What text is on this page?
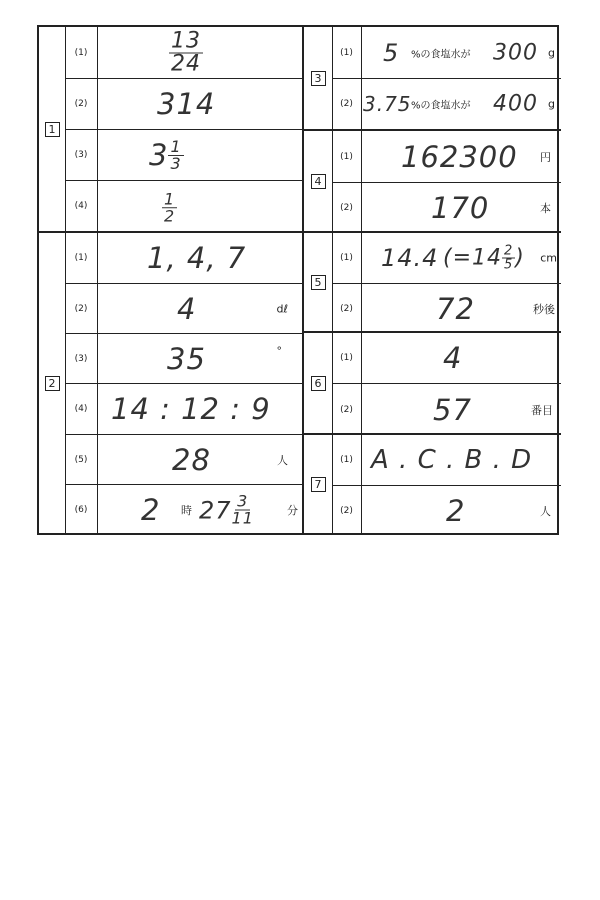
1
(1)	$\frac{13}{24}$
(2)	314
(3)	$3 \frac{1}{3}$
(4)	$\frac{1}{2}$
2
(1)	1, 4, 7
(2)	4	dℓ
(3)	35	°
(4) 14 : 12 : 9
(5)	28	人
(6)	2 時 $27 \frac{3}{11}$	分
3
(1)	5 %の食塩水が 300 g
(2) 3.75 %の食塩水が 400 g
4
(1)	162300 円
(2)	170	本
5
(1)	14.4 ($=14 \frac{2}{5}$ ) cm
(2)	72	秒後
6
(1)	4
(2)	57	番目
7
(1) A . C . B . D
(2)	2	人
